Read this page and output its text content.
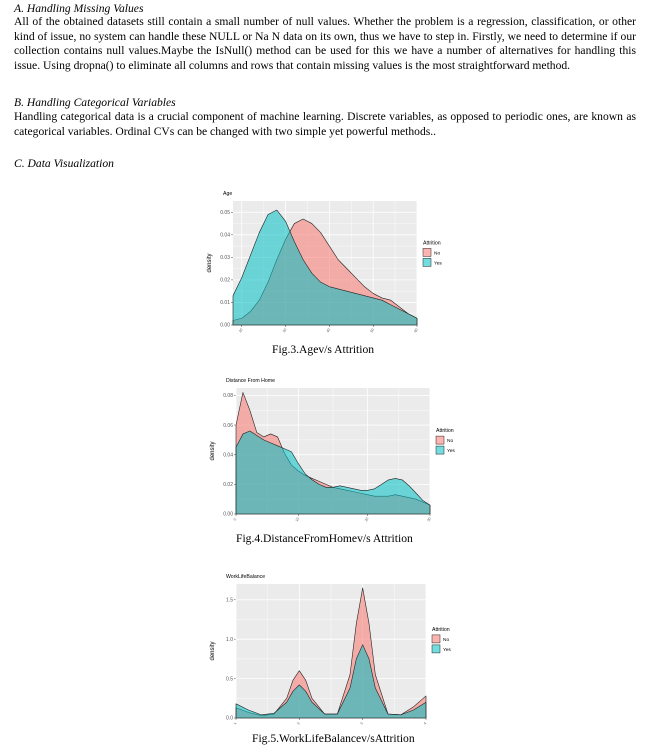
A. Handling Missing Values

All of the obtained datasets still contain a small number of null values. Whether the problem is a regression, classification, or other kind of issue, no system can handle these NULL or Na N data on its own, thus we have to step in. Firstly, we need to determine if our collection contains null values.Maybe the IsNull() method can be used for this we have a number of alternatives for handling this issue. Using dropna() to eliminate all columns and rows that contain missing values is the most straightforward method.

B. Handling Categorical Variables

Handling categorical data is a crucial component of machine learning. Discrete variables, as opposed to periodic ones, are known as categorical variables. Ordinal CVs can be changed with two simple yet powerful methods..

C. Data Visualization
Age
0.00
0.01
0.02
0.03
0.04
0.05
20	30	40	50	60
density
Attrition
No
Yes
Fig.3.Agev/s Attrition
Distance From Home
0.00
0.02
0.04
0.06
0.08
0	10	20	30
density
Attrition
No
Yes
Fig.4.DistanceFromHomev/s Attrition
WorkLifeBalance
0.0
0.5
1.0
1.5
1	2	3	4
density
Attrition
No
Yes
Fig.5.WorkLifeBalancev/sAttrition
